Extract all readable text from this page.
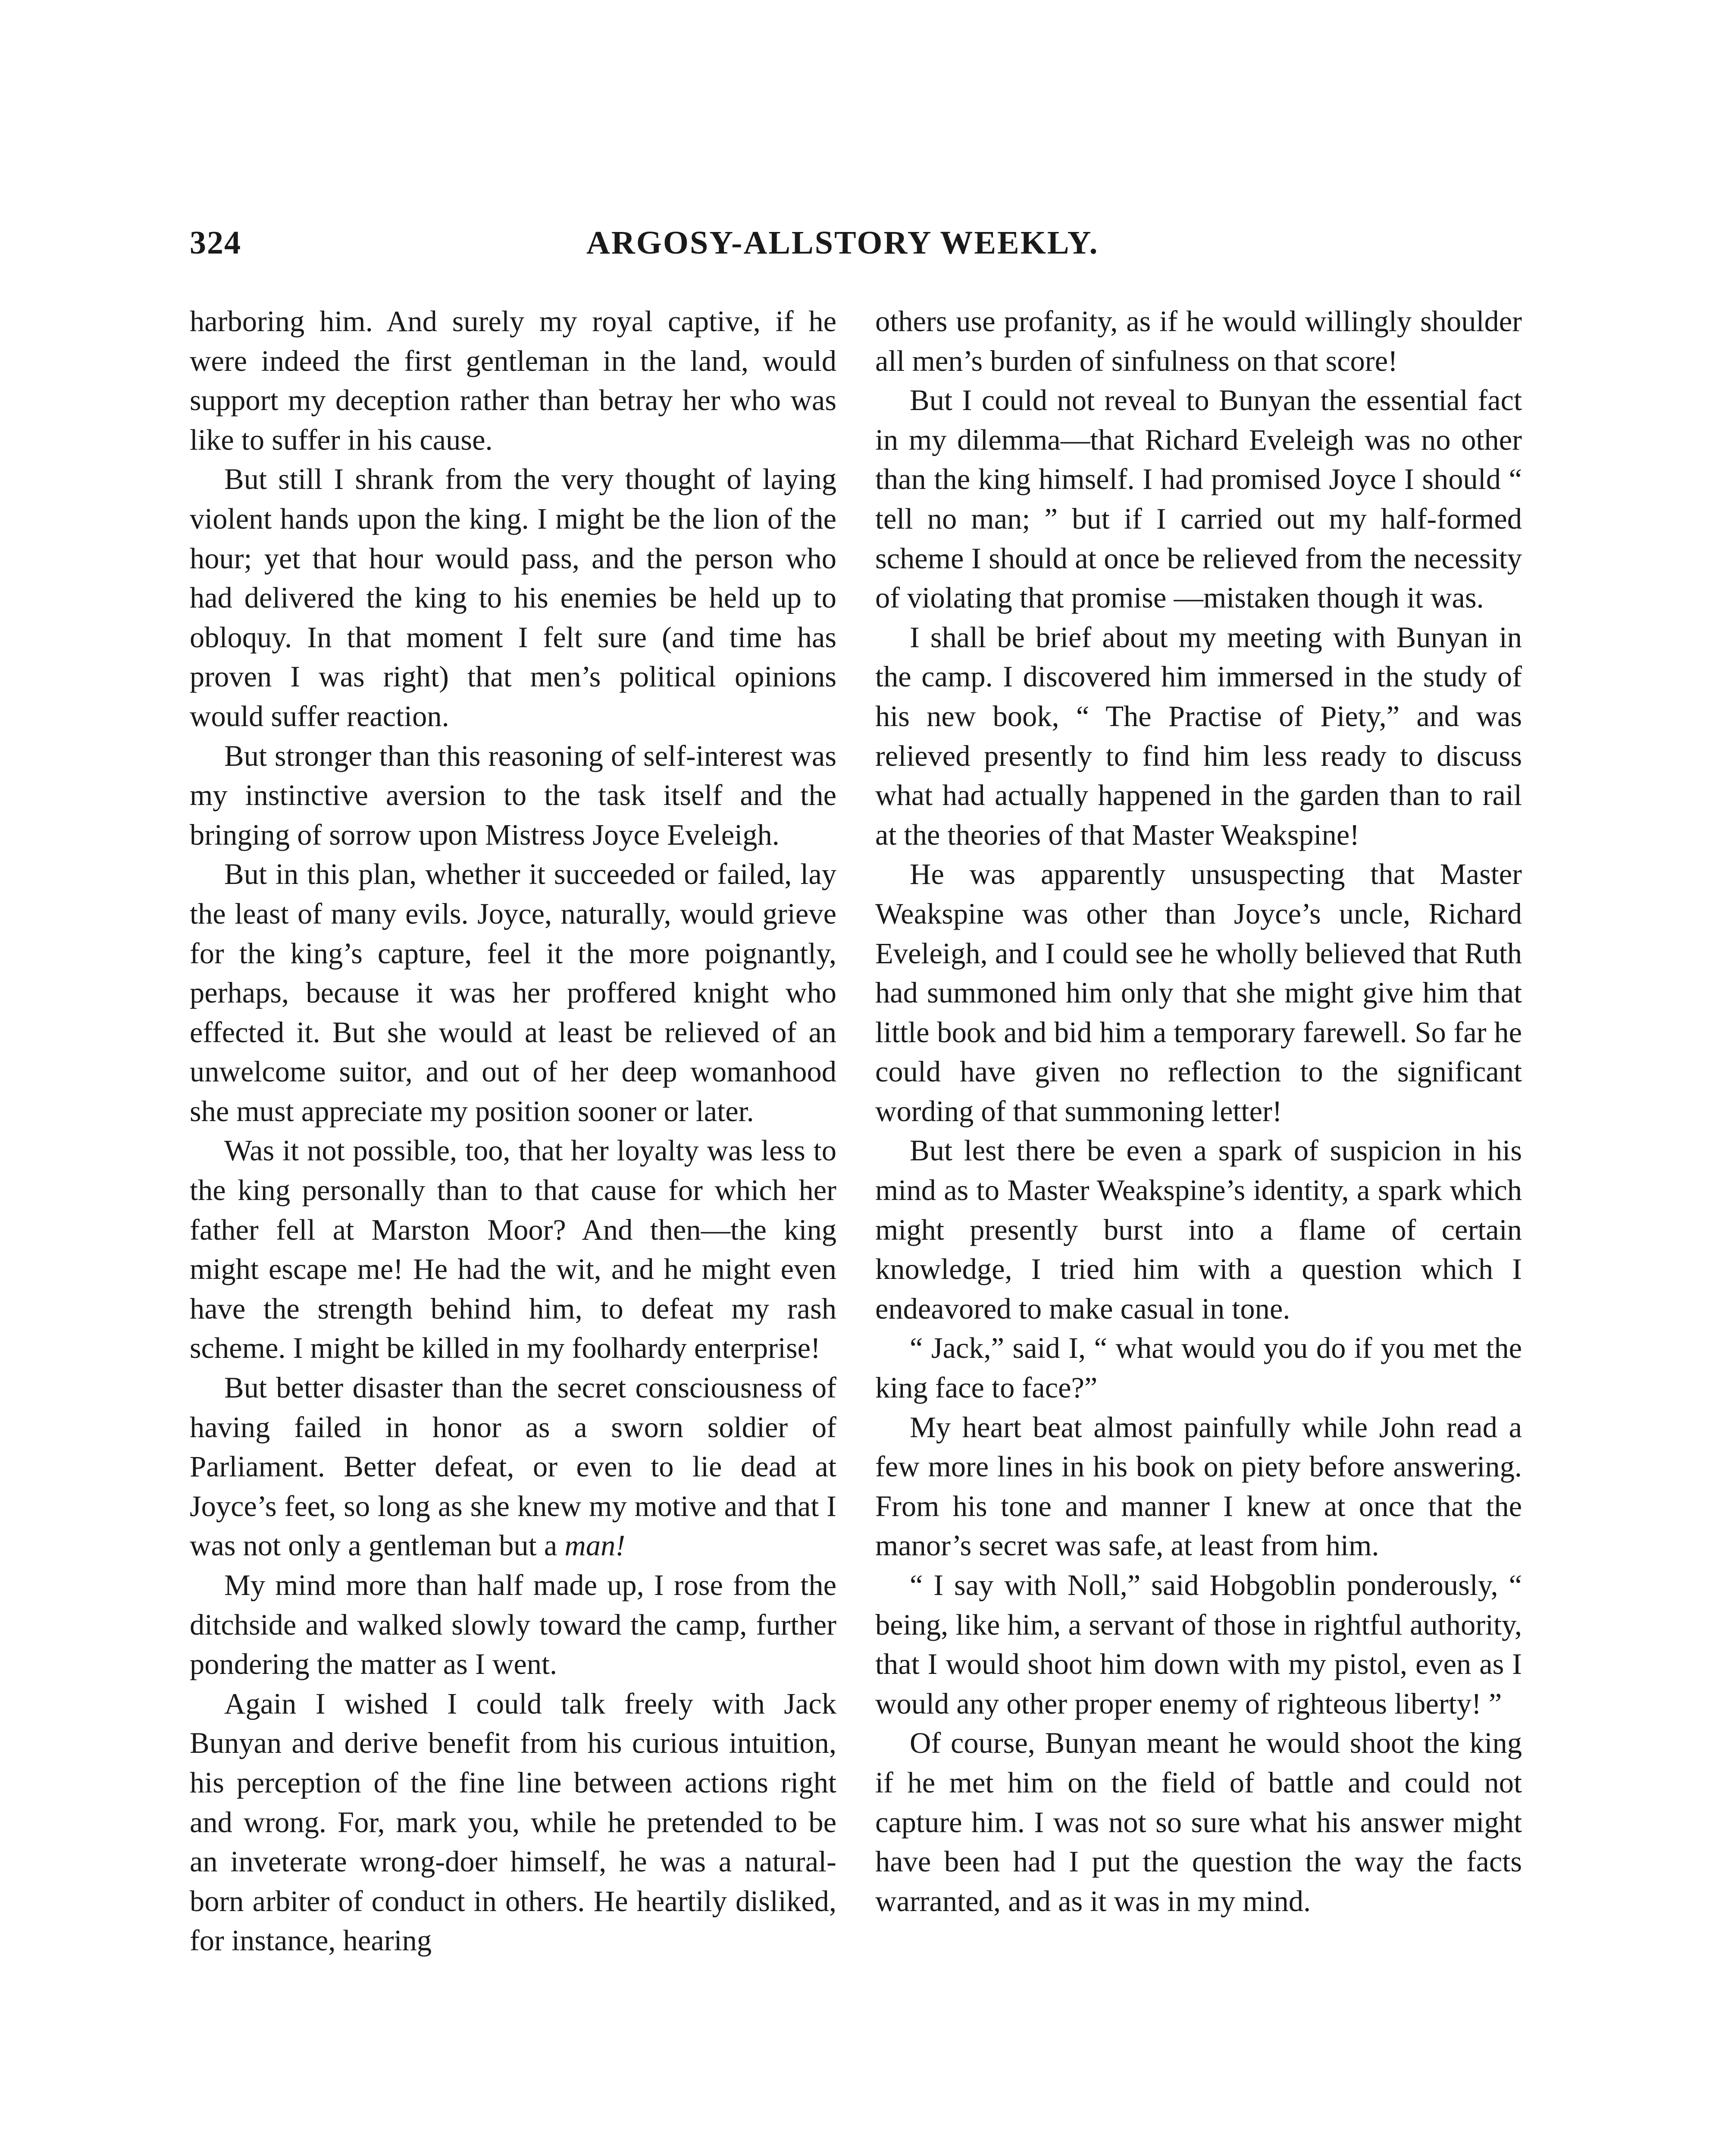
324	ARGOSY-ALLSTORY WEEKLY.

harboring him. And surely my royal captive, if he were indeed the first gentleman in the land, would support my deception rather than betray her who was like to suffer in his cause.

But still I shrank from the very thought of laying violent hands upon the king. I might be the lion of the hour; yet that hour would pass, and the person who had delivered the king to his enemies be held up to obloquy. In that moment I felt sure (and time has proven I was right) that men’s political opinions would suffer reaction.

But stronger than this reasoning of self-interest was my instinctive aversion to the task itself and the bringing of sorrow upon Mistress Joyce Eveleigh.

But in this plan, whether it succeeded or failed, lay the least of many evils. Joyce, naturally, would grieve for the king’s capture, feel it the more poignantly, perhaps, because it was her proffered knight who effected it. But she would at least be relieved of an unwelcome suitor, and out of her deep womanhood she must appreciate my position sooner or later.

Was it not possible, too, that her loyalty was less to the king personally than to that cause for which her father fell at Marston Moor? And then—the king might escape me! He had the wit, and he might even have the strength behind him, to defeat my rash scheme. I might be killed in my foolhardy enterprise!

But better disaster than the secret consciousness of having failed in honor as a sworn soldier of Parliament. Better defeat, or even to lie dead at Joyce’s feet, so long as she knew my motive and that I was not only a gentleman but a man!

My mind more than half made up, I rose from the ditchside and walked slowly toward the camp, further pondering the matter as I went.

Again I wished I could talk freely with Jack Bunyan and derive benefit from his curious intuition, his perception of the fine line between actions right and wrong. For, mark you, while he pretended to be an inveterate wrong-doer himself, he was a natural-born arbiter of conduct in others. He heartily disliked, for instance, hearing

others use profanity, as if he would willingly shoulder all men’s burden of sinfulness on that score!

But I could not reveal to Bunyan the essential fact in my dilemma—that Richard Eveleigh was no other than the king himself. I had promised Joyce I should “ tell no man; ” but if I carried out my half-formed scheme I should at once be relieved from the necessity of violating that promise —mistaken though it was.

I shall be brief about my meeting with Bunyan in the camp. I discovered him immersed in the study of his new book, “ The Practise of Piety,” and was relieved presently to find him less ready to discuss what had actually happened in the garden than to rail at the theories of that Master Weakspine!

He was apparently unsuspecting that Master Weakspine was other than Joyce’s uncle, Richard Eveleigh, and I could see he wholly believed that Ruth had summoned him only that she might give him that little book and bid him a temporary farewell. So far he could have given no reflection to the significant wording of that summoning letter!

But lest there be even a spark of suspicion in his mind as to Master Weakspine’s identity, a spark which might presently burst into a flame of certain knowledge, I tried him with a question which I endeavored to make casual in tone.

“ Jack,” said I, “ what would you do if you met the king face to face?”

My heart beat almost painfully while John read a few more lines in his book on piety before answering. From his tone and manner I knew at once that the manor’s secret was safe, at least from him.

“ I say with Noll,” said Hobgoblin ponderously, “ being, like him, a servant of those in rightful authority, that I would shoot him down with my pistol, even as I would any other proper enemy of righteous liberty! ”

Of course, Bunyan meant he would shoot the king if he met him on the field of battle and could not capture him. I was not so sure what his answer might have been had I put the question the way the facts warranted, and as it was in my mind.
